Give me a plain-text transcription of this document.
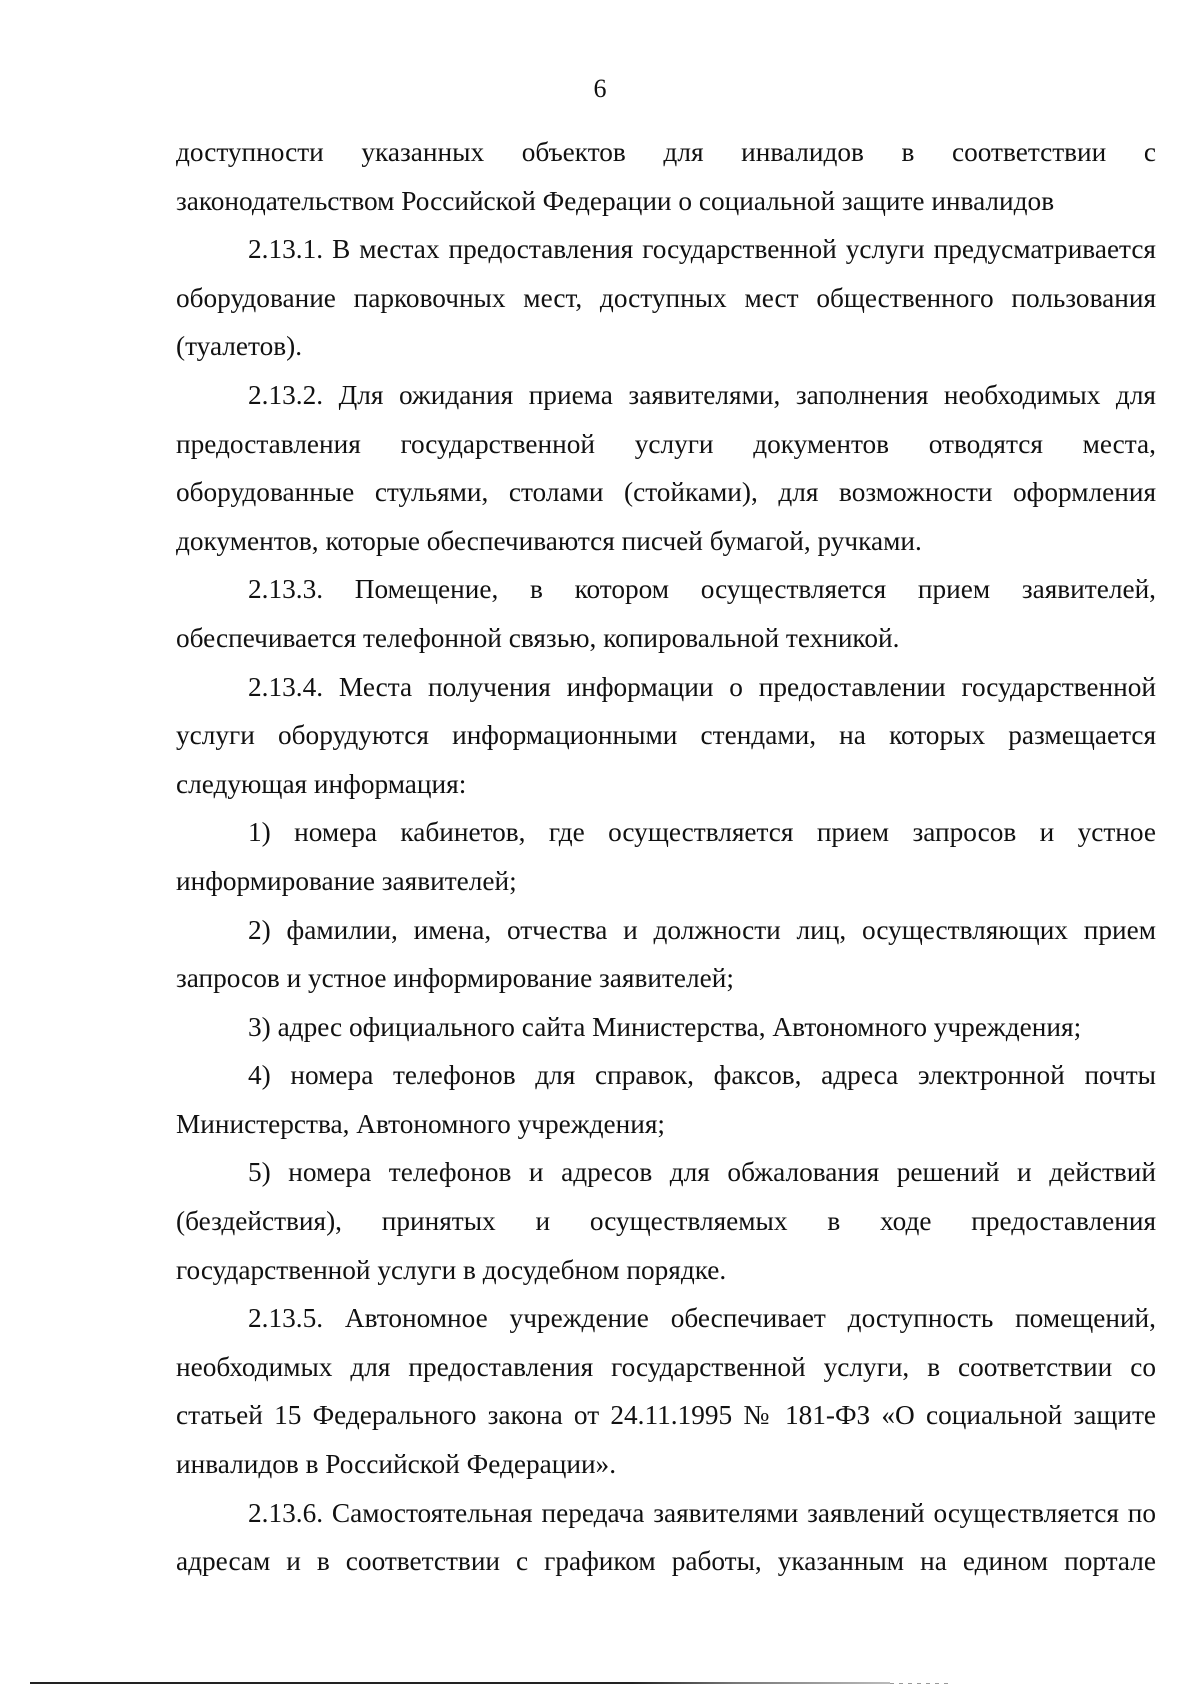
6

доступности указанных объектов для инвалидов в соответствии с законодательством Российской Федерации о социальной защите инвалидов

2.13.1. В местах предоставления государственной услуги предусматривается оборудование парковочных мест, доступных мест общественного пользования (туалетов).

2.13.2. Для ожидания приема заявителями, заполнения необходимых для предоставления государственной услуги документов отводятся места, оборудованные стульями, столами (стойками), для возможности оформления документов, которые обеспечиваются писчей бумагой, ручками.

2.13.3. Помещение, в котором осуществляется прием заявителей, обеспечивается телефонной связью, копировальной техникой.

2.13.4. Места получения информации о предоставлении государственной услуги оборудуются информационными стендами, на которых размещается следующая информация:

1) номера кабинетов, где осуществляется прием запросов и устное информирование заявителей;

2) фамилии, имена, отчества и должности лиц, осуществляющих прием запросов и устное информирование заявителей;

3) адрес официального сайта Министерства, Автономного учреждения;

4) номера телефонов для справок, факсов, адреса электронной почты Министерства, Автономного учреждения;

5) номера телефонов и адресов для обжалования решений и действий (бездействия), принятых и осуществляемых в ходе предоставления государственной услуги в досудебном порядке.

2.13.5. Автономное учреждение обеспечивает доступность помещений, необходимых для предоставления государственной услуги, в соответствии со статьей 15 Федерального закона от 24.11.1995 № 181-ФЗ «О социальной защите инвалидов в Российской Федерации».

2.13.6. Самостоятельная передача заявителями заявлений осуществляется по адресам и в соответствии с графиком работы, указанным на едином портале
